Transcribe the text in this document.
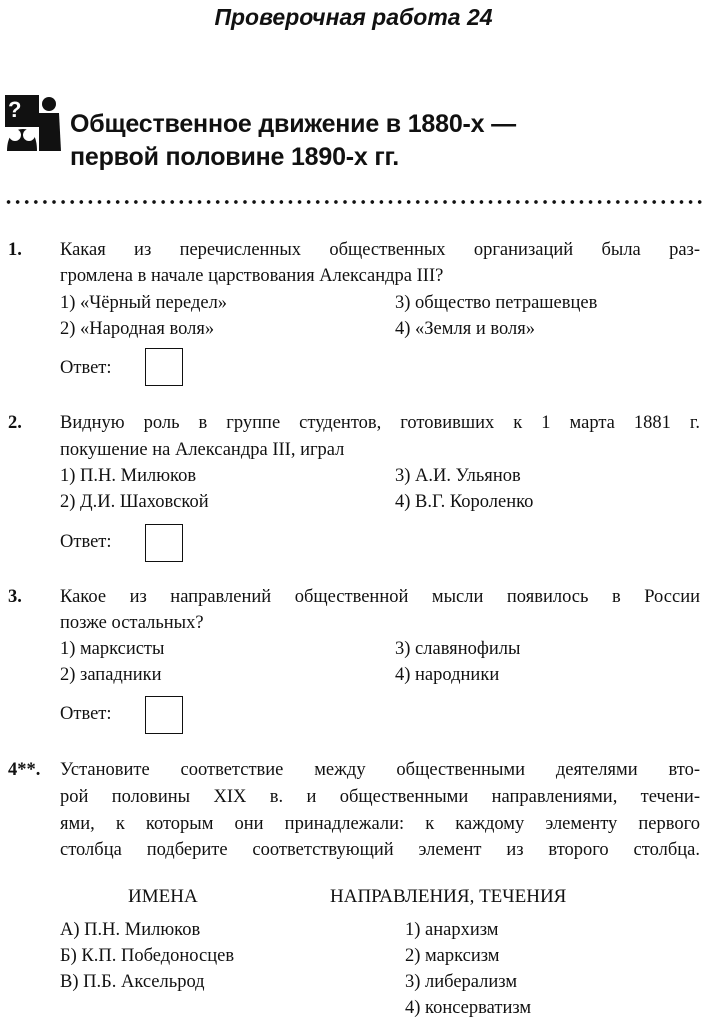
Проверочная работа 24
?
Общественное движение в 1880-х —
первой половине 1890-х гг.
1. Какая из перечисленных общественных организаций была раз-
громлена в начале царствования Александра III?
1) «Чёрный передел»
2) «Народная воля»
3) общество петрашевцев
4) «Земля и воля»
Ответ:
2. Видную роль в группе студентов, готовивших к 1 марта 1881 г.
покушение на Александра III, играл
1) П.Н. Милюков
2) Д.И. Шаховской
3) А.И. Ульянов
4) В.Г. Короленко
Ответ:
3. Какое из направлений общественной мысли появилось в России
позже остальных?
1) марксисты
2) западники
3) славянофилы
4) народники
Ответ:
4**. Установите соответствие между общественными деятелями вто-
рой половины XIX в. и общественными направлениями, течени-
ями, к которым они принадлежали: к каждому элементу первого
столбца подберите соответствующий элемент из второго столбца.
ИМЕНА	НАПРАВЛЕНИЯ, ТЕЧЕНИЯ
А) П.Н. Милюков
Б) К.П. Победоносцев
В) П.Б. Аксельрод
1) анархизм
2) марксизм
3) либерализм
4) консерватизм
